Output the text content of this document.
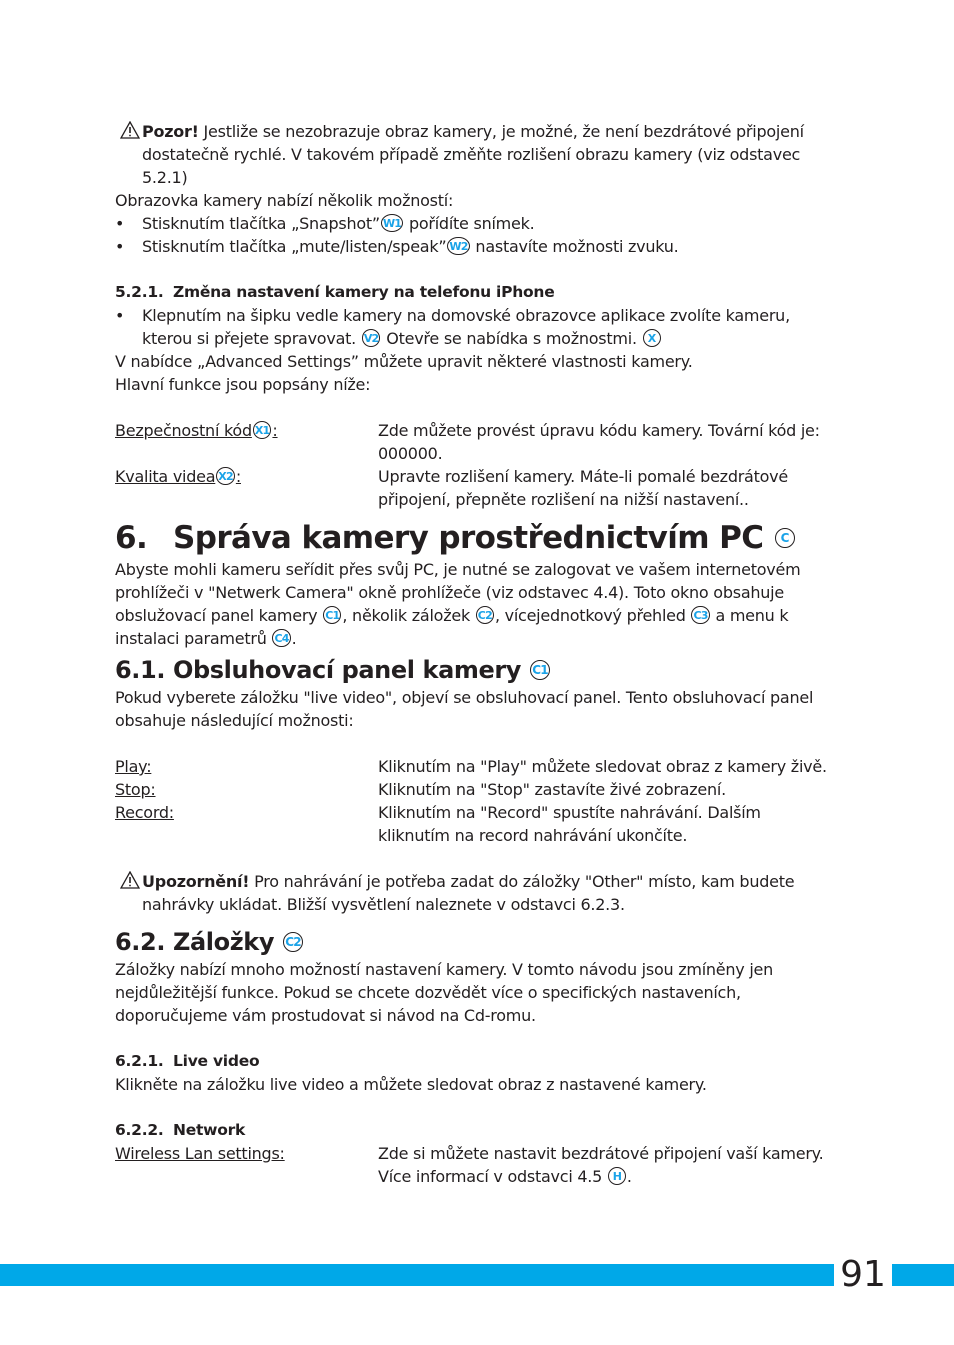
Pozor! Jestliže se nezobrazuje obraz kamery, je možné, že není bezdrátové připojení dostatečně rychlé. V takovém případě změňte rozlišení obrazu kamery (viz odstavec 5.2.1)

Obrazovka kamery nabízí několik možností:

• Stisknutím tlačítka „Snapshot” W1 pořídíte snímek.
• Stisknutím tlačítka „mute/listen/speak” W2 nastavíte možnosti zvuku.

5.2.1. Změna nastavení kamery na telefonu iPhone

• Klepnutím na šipku vedle kamery na domovské obrazovce aplikace zvolíte kameru, kterou si přejete spravovat. V2 Otevře se nabídka s možnostmi. X

V nabídce „Advanced Settings” můžete upravit některé vlastnosti kamery.

Hlavní funkce jsou popsány níže:

Bezpečnostní kód X1 :	Zde můžete provést úpravu kódu kamery. Tovární kód je: 000000.
Kvalita videa X2 :	Upravte rozlišení kamery. Máte-li pomalé bezdrátové připojení, přepněte rozlišení na nižší nastavení..
6. Správa kamery prostřednictvím PC C

Abyste mohli kameru seřídit přes svůj PC, je nutné se zalogovat ve vašem internetovém prohlížeči v "Netwerk Camera" okně prohlížeče (viz odstavec 4.4). Toto okno obsahuje obslužovací panel kamery C1 , několik záložek C2 , vícejednotkový přehled C3 a menu k instalaci parametrů C4 .

6.1. Obsluhovací panel kamery C1

Pokud vyberete záložku "live video", objeví se obsluhovací panel. Tento obsluhovací panel obsahuje následující možnosti:

Play:	Kliknutím na "Play" můžete sledovat obraz z kamery živě.
Stop:	Kliknutím na "Stop" zastavíte živé zobrazení.
Record:	Kliknutím na "Record" spustíte nahrávání. Dalším kliknutím na record nahrávání ukončíte.

Upozornění! Pro nahrávání je potřeba zadat do záložky "Other" místo, kam budete nahrávky ukládat. Bližší vysvětlení naleznete v odstavci 6.2.3.

6.2. Záložky C2

Záložky nabízí mnoho možností nastavení kamery. V tomto návodu jsou zmíněny jen nejdůležitější funkce. Pokud se chcete dozvědět více o specifických nastaveních, doporučujeme vám prostudovat si návod na Cd-romu.

6.2.1. Live video

Klikněte na záložku live video a můžete sledovat obraz z nastavené kamery.

6.2.2. Network

Wireless Lan settings:	Zde si můžete nastavit bezdrátové připojení vaší kamery. Více informací v odstavci 4.5 H .
91
